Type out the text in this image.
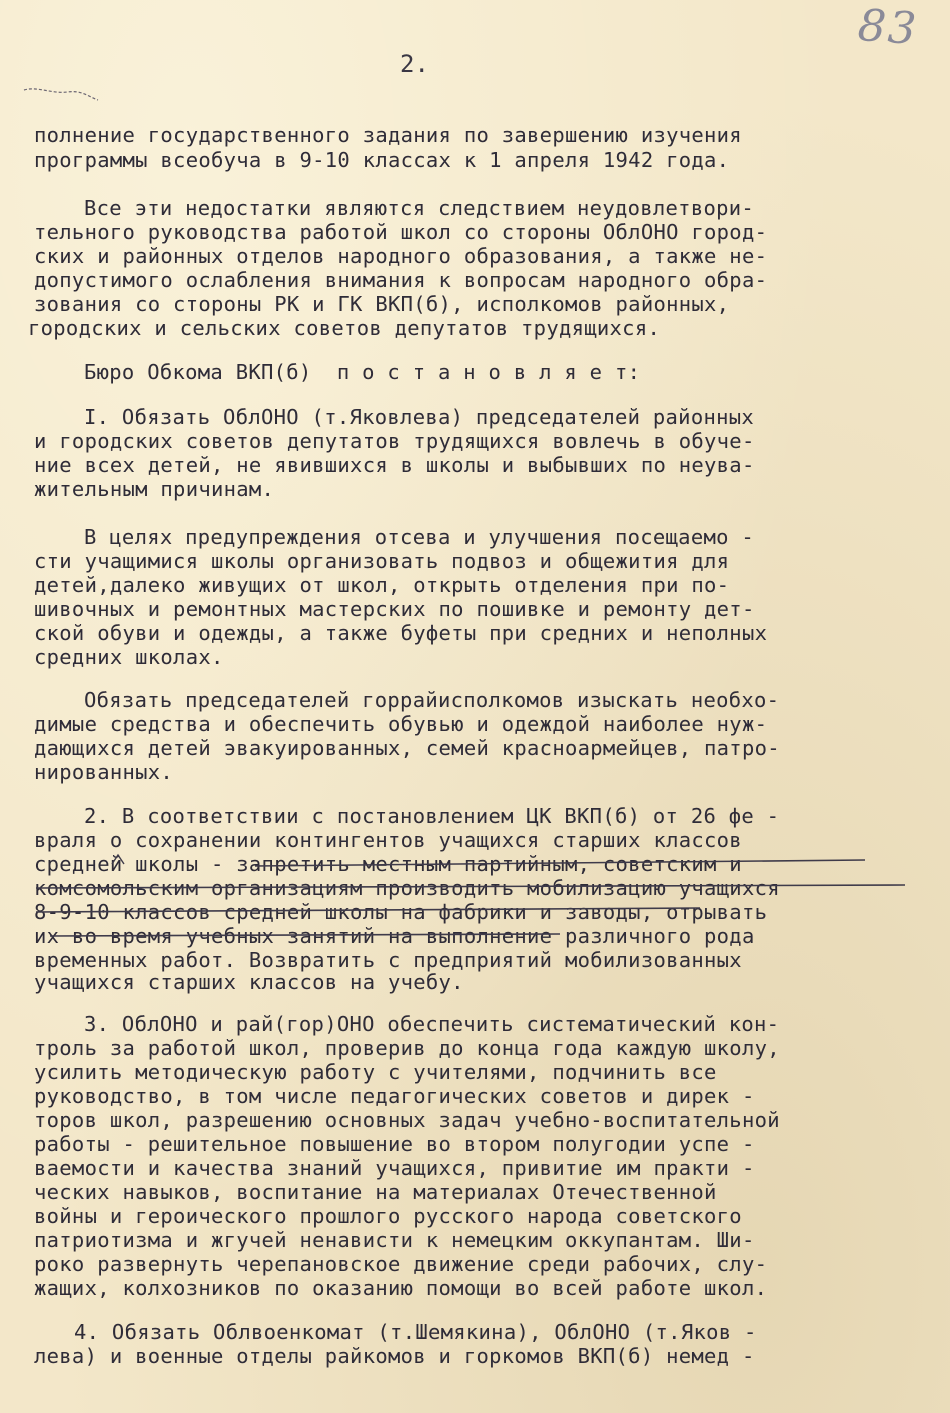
83
2.
полнение государственного задания по завершению изучения
программы всеобуча в 9-10 классах к 1 апреля 1942 года.
Все эти недостатки являются следствием неудовлетвори-
тельного руководства работой школ со стороны ОблОНО город-
ских и районных отделов народного образования, а также не-
допустимого ослабления внимания к вопросам народного обра-
зования со стороны РК и ГК ВКП(б), исполкомов районных,
городских и сельских советов депутатов трудящихся.
Бюро Обкома ВКП(б)  п о с т а н о в л я е т:
I. Обязать ОблОНО (т.Яковлева) председателей районных
и городских советов депутатов трудящихся вовлечь в обуче-
ние всех детей, не явившихся в школы и выбывших по неува-
жительным причинам.
В целях предупреждения отсева и улучшения посещаемо -
сти учащимися школы организовать подвоз и общежития для
детей,далеко живущих от школ, открыть отделения при по-
шивочных и ремонтных мастерских по пошивке и ремонту дет-
ской обуви и одежды, а также буфеты при средних и неполных
средних школах.
Обязать председателей горрайисполкомов изыскать необхо-
димые средства и обеспечить обувью и одеждой наиболее нуж-
дающихся детей эвакуированных, семей красноармейцев, патро-
нированных.
2. В соответствии с постановлением ЦК ВКП(б) от 26 фе -
враля о сохранении контингентов учащихся старших классов
средней школы - запретить местным партийным, советским и
комсомольским организациям производить мобилизацию учащихся
8-9-10 классов средней школы на фабрики и заводы, отрывать
их во время учебных занятий на выполнение различного рода
временных работ. Возвратить с предприятий мобилизованных
учащихся старших классов на учебу.
3. ОблОНО и рай(гор)ОНО обеспечить систематический кон-
троль за работой школ, проверив до конца года каждую школу,
усилить методическую работу с учителями, подчинить все
руководство, в том числе педагогических советов и дирек -
торов школ, разрешению основных задач учебно-воспитательной
работы - решительное повышение во втором полугодии успе -
ваемости и качества знаний учащихся, привитие им практи -
ческих навыков, воспитание на материалах Отечественной
войны и героического прошлого русского народа советского
патриотизма и жгучей ненависти к немецким оккупантам. Ши-
роко развернуть черепановское движение среди рабочих, слу-
жащих, колхозников по оказанию помощи во всей работе школ.
4. Обязать Облвоенкомат (т.Шемякина), ОблОНО (т.Яков -
лева) и военные отделы райкомов и горкомов ВКП(б) немед -
